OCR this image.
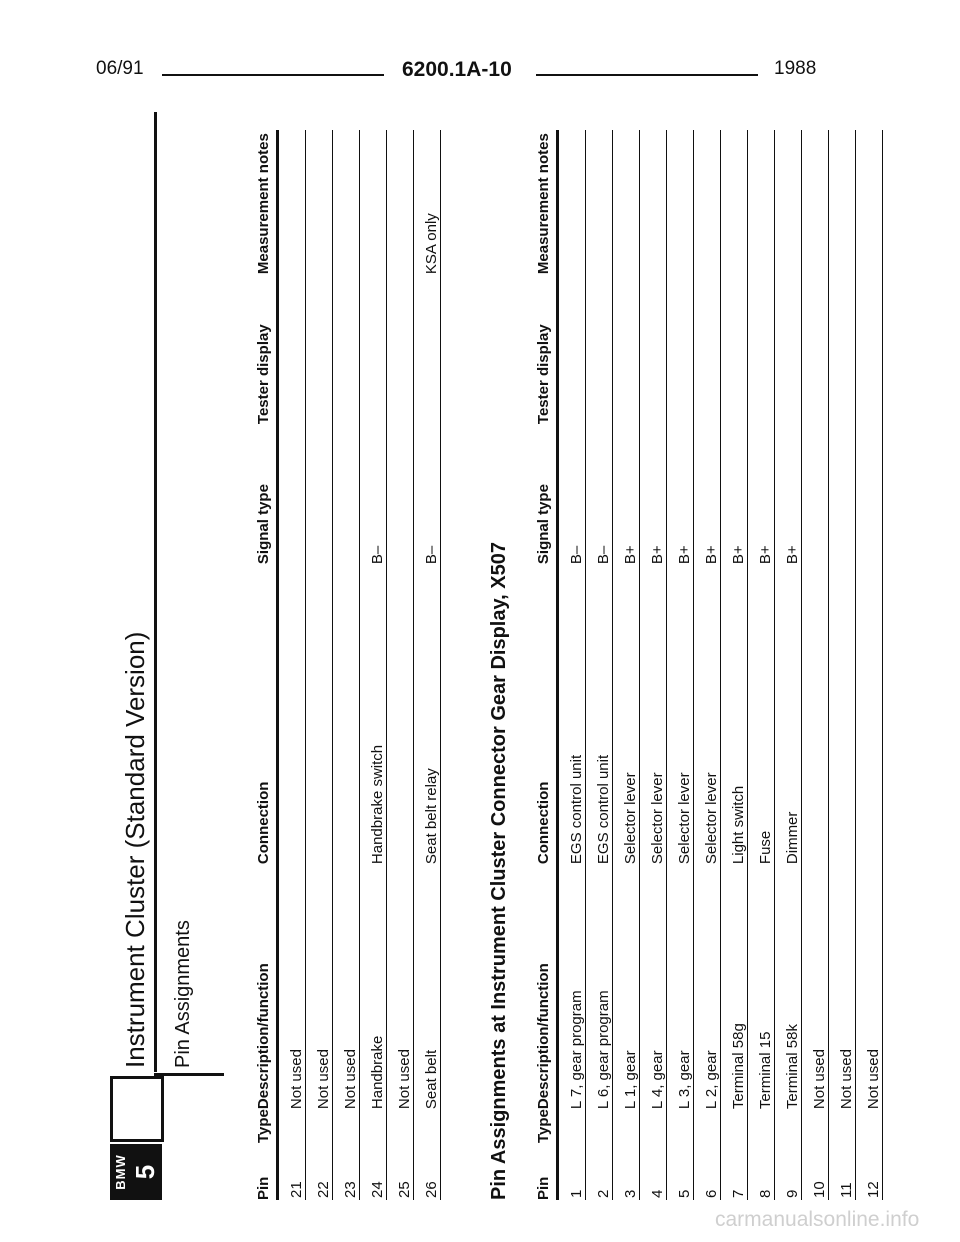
06/91	6200.1A-10	1988
BMW 5
Instrument Cluster (Standard Version) Pin Assignments
Pin	Type	Description/function	Connection	Signal type	Tester display	Measurement notes
21		Not used				
22		Not used				
23		Not used				
24		Handbrake	Handbrake switch	B–		
25		Not used				
26		Seat belt	Seat belt relay	B–		KSA only
Pin Assignments at Instrument Cluster Connector Gear Display, X507 Pin	Type	Description/function	Connection	Signal type	Tester display	Measurement notes
1		L 7, gear program	EGS control unit	B–		
2		L 6, gear program	EGS control unit	B–		
3		L 1, gear	Selector lever	B+		
4		L 4, gear	Selector lever	B+		
5		L 3, gear	Selector lever	B+		
6		L 2, gear	Selector lever	B+		
7		Terminal 58g	Light switch	B+		
8		Terminal 15	Fuse	B+		
9		Terminal 58k	Dimmer	B+		
10		Not used				
11		Not used				
12		Not used				
carmanualsonline.info
